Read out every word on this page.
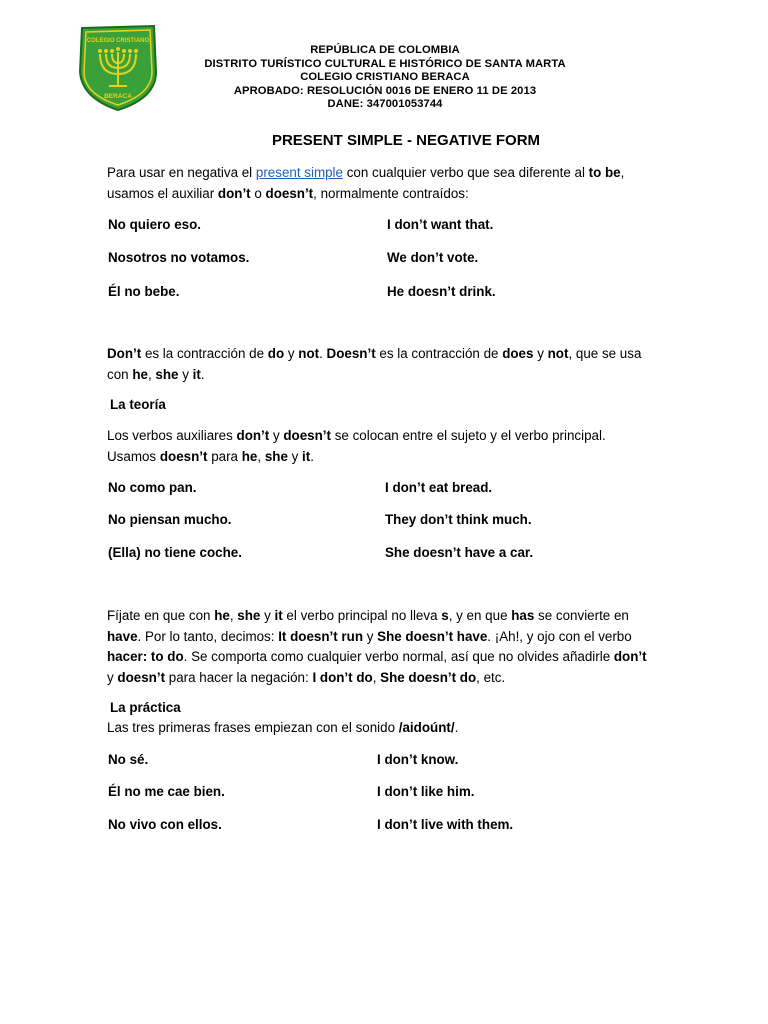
COLEGIO CRISTIANO
BERACA
REPÚBLICA DE COLOMBIA
DISTRITO TURÍSTICO CULTURAL E HISTÓRICO DE SANTA MARTA
COLEGIO CRISTIANO BERACA
APROBADO: RESOLUCIÓN 0016 DE ENERO 11 DE 2013
DANE: 347001053744
PRESENT SIMPLE - NEGATIVE FORM
Para usar en negativa el present simple con cualquier verbo que sea diferente al to be, usamos el auxiliar don’t o doesn’t, normalmente contraídos:
No quiero eso.	I don’t want that.
Nosotros no votamos.	We don’t vote.
Él no bebe.	He doesn’t drink.
Don’t es la contracción de do y not. Doesn’t es la contracción de does y not, que se usa con he, she y it.
La teoría
Los verbos auxiliares don’t y doesn’t se colocan entre el sujeto y el verbo principal. Usamos doesn’t para he, she y it.
No como pan.	I don’t eat bread.
No piensan mucho.	They don’t think much.
(Ella) no tiene coche.	She doesn’t have a car.
Fíjate en que con he, she y it el verbo principal no lleva s, y en que has se convierte en have. Por lo tanto, decimos: It doesn’t run y She doesn’t have. ¡Ah!, y ojo con el verbo hacer: to do. Se comporta como cualquier verbo normal, así que no olvides añadirle don’t y doesn’t para hacer la negación: I don’t do, She doesn’t do, etc.
La práctica
Las tres primeras frases empiezan con el sonido /aidoúnt/.
No sé.	I don’t know.
Él no me cae bien.	I don’t like him.
No vivo con ellos.	I don’t live with them.
